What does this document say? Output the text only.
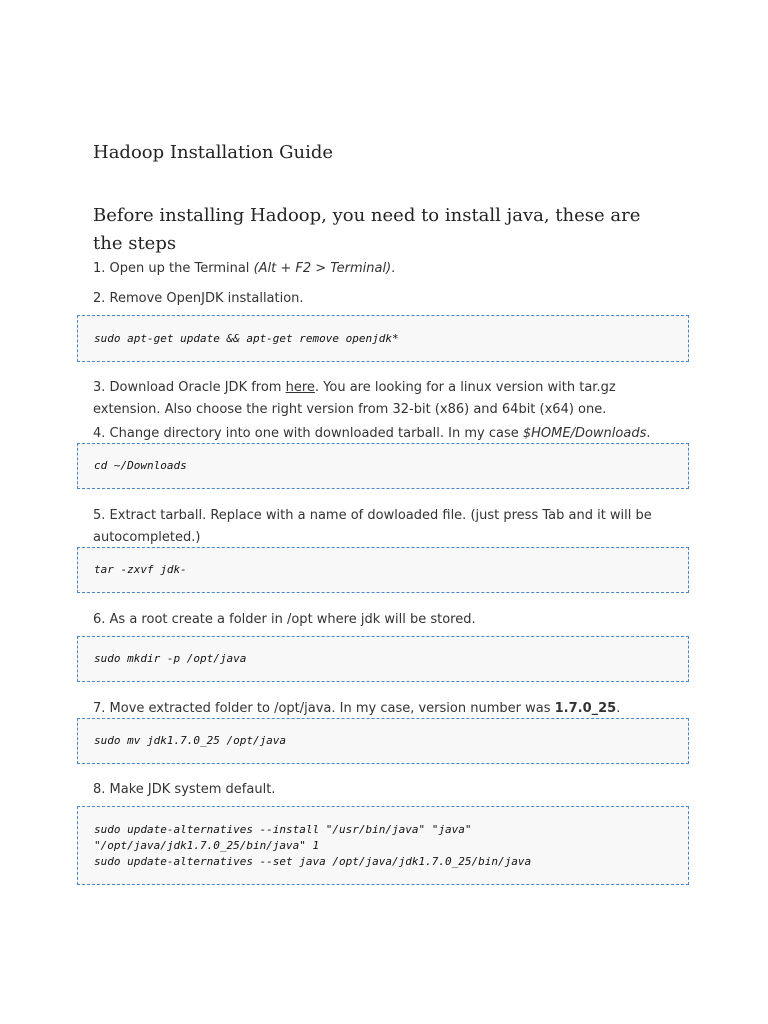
Hadoop Installation Guide
Before installing Hadoop, you need to install java, these are the steps

1. Open up the Terminal (Alt + F2 > Terminal).

2. Remove OpenJDK installation.

sudo apt-get update && apt-get remove openjdk*

3. Download Oracle JDK from here. You are looking for a linux version with tar.gz extension. Also choose the right version from 32-bit (x86) and 64bit (x64) one.

4. Change directory into one with downloaded tarball. In my case $HOME/Downloads.

cd ~/Downloads

5. Extract tarball. Replace with a name of dowloaded file. (just press Tab and it will be autocompleted.)

tar -zxvf jdk-

6. As a root create a folder in /opt where jdk will be stored.

sudo mkdir -p /opt/java

7. Move extracted folder to /opt/java. In my case, version number was 1.7.0_25.

sudo mv jdk1.7.0_25 /opt/java

8. Make JDK system default.

sudo update-alternatives --install "/usr/bin/java" "java"
"/opt/java/jdk1.7.0_25/bin/java" 1
sudo update-alternatives --set java /opt/java/jdk1.7.0_25/bin/java
